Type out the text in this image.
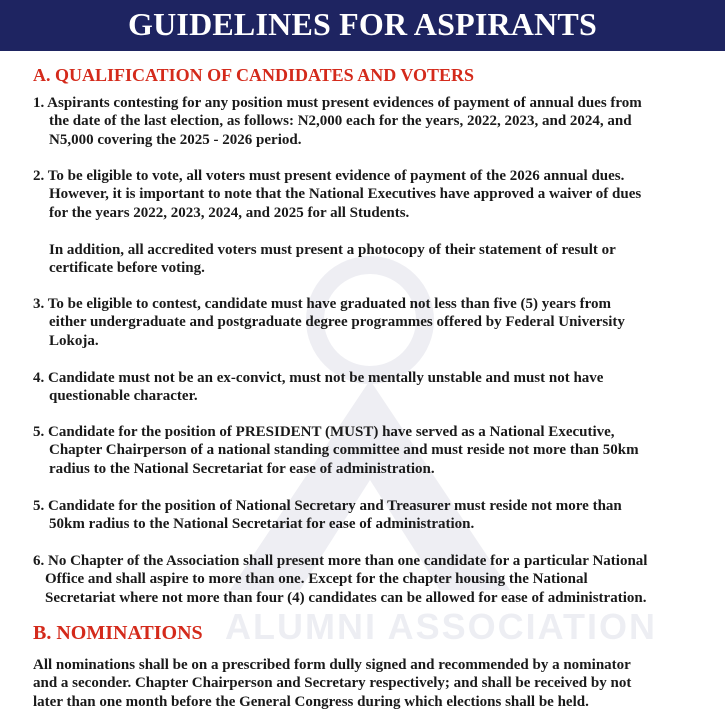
GUIDELINES FOR ASPIRANTS
ALUMNI ASSOCIATION
A. QUALIFICATION OF CANDIDATES AND VOTERS
1. Aspirants contesting for any position must present evidences of payment of annual dues from
the date of the last election, as follows: N2,000 each for the years, 2022, 2023, and 2024, and
N5,000 covering the 2025 - 2026 period.
2. To be eligible to vote, all voters must present evidence of payment of the 2026 annual dues.
However, it is important to note that the National Executives have approved a waiver of dues
for the years 2022, 2023, 2024, and 2025 for all Students.
In addition, all accredited voters must present a photocopy of their statement of result or
certificate before voting.
3. To be eligible to contest, candidate must have graduated not less than five (5) years from
either undergraduate and postgraduate degree programmes offered by Federal University
Lokoja.
4. Candidate must not be an ex-convict, must not be mentally unstable and must not have
questionable character.
5. Candidate for the position of PRESIDENT (MUST) have served as a National Executive,
Chapter Chairperson of a national standing committee and must reside not more than 50km
radius to the National Secretariat for ease of administration.
5. Candidate for the position of National Secretary and Treasurer must reside not more than
50km radius to the National Secretariat for ease of administration.
6. No Chapter of the Association shall present more than one candidate for a particular National
Office and shall aspire to more than one. Except for the chapter housing the National
Secretariat where not more than four (4) candidates can be allowed for ease of administration.
B. NOMINATIONS
All nominations shall be on a prescribed form dully signed and recommended by a nominator
and a seconder. Chapter Chairperson and Secretary respectively; and shall be received by not
later than one month before the General Congress during which elections shall be held.
